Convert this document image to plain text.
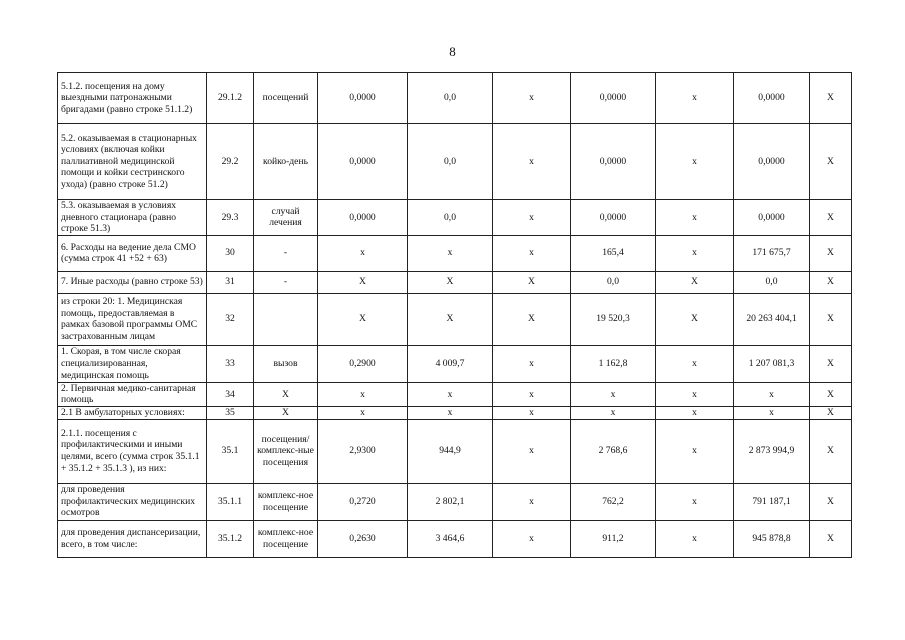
8
5.1.2. посещения на дому выездными патронажными бригадами (равно строке 51.1.2)	29.1.2	посещений	0,0000	0,0	х	0,0000	х	0,0000	Х
5.2. оказываемая в стационарных условиях (включая койки паллиативной медицинской помощи и койки сестринского ухода) (равно строке 51.2)	29.2	койко-день	0,0000	0,0	х	0,0000	х	0,0000	Х
5.3. оказываемая в условиях дневного стационара (равно строке 51.3)	29.3	случай лечения	0,0000	0,0	х	0,0000	х	0,0000	Х
6. Расходы на ведение дела СМО (сумма строк 41 +52 + 63)	30	-	х	х	х	165,4	х	171 675,7	Х
7. Иные расходы (равно строке 53)	31	-	Х	Х	Х	0,0	Х	0,0	Х
из строки 20: 1. Медицинская помощь, предоставляемая в рамках базовой программы ОМС застрахованным лицам	32		Х	Х	Х	19 520,3	Х	20 263 404,1	Х
1. Скорая, в том числе скорая специализированная, медицинская помощь	33	вызов	0,2900	4 009,7	х	1 162,8	х	1 207 081,3	Х
2. Первичная медико-санитарная помощь	34	Х	х	х	х	х	х	х	Х
2.1 В амбулаторных условиях:	35	Х	х	х	х	х	х	х	Х
2.1.1. посещения с профилактическими и иными целями, всего (сумма строк 35.1.1 + 35.1.2 + 35.1.3 ), из них:	35.1	посещения/ комплекс-ные посещения	2,9300	944,9	х	2 768,6	х	2 873 994,9	Х
для проведения профилактических медицинских осмотров	35.1.1	комплекс-ное посещение	0,2720	2 802,1	х	762,2	х	791 187,1	Х
для проведения диспансеризации, всего, в том числе:	35.1.2	комплекс-ное посещение	0,2630	3 464,6	х	911,2	х	945 878,8	Х
